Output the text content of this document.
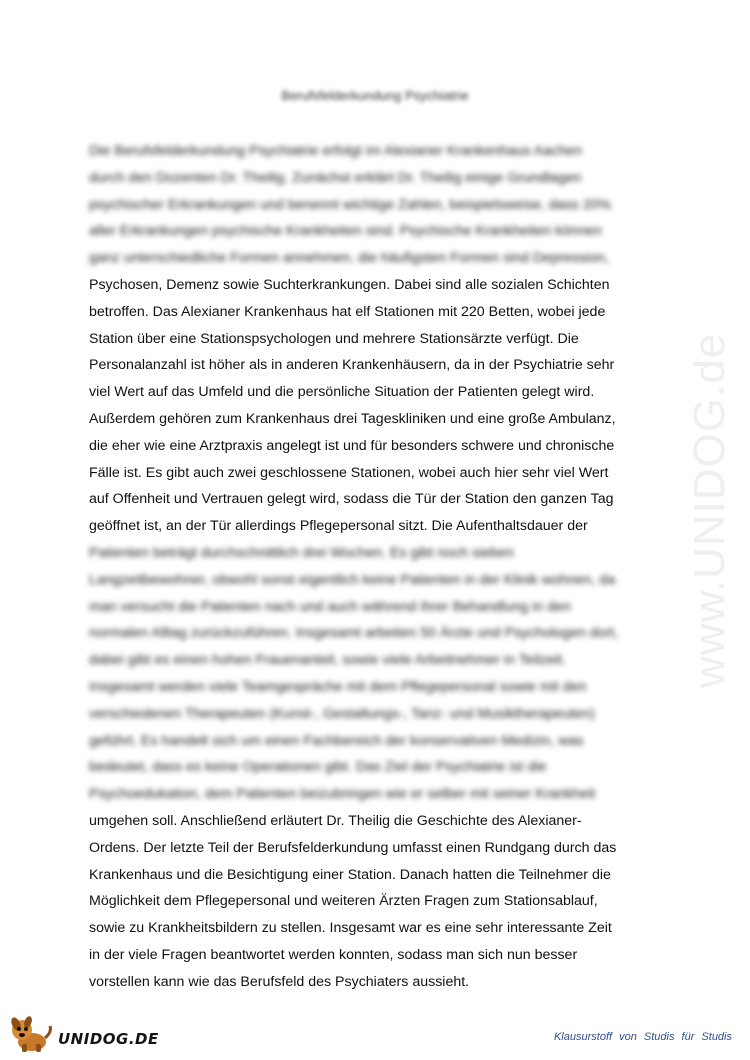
Berufsfelderkundung Psychiatrie
Die Berufsfelderkundung Psychiatrie erfolgt im Alexianer Krankenhaus Aachen
durch den Dozenten Dr. Theilig. Zunächst erklärt Dr. Theilig einige Grundlagen
psychischer Erkrankungen und benennt wichtige Zahlen, beispielsweise, dass 20%
aller Erkrankungen psychische Krankheiten sind. Psychische Krankheiten können
ganz unterschiedliche Formen annehmen, die häufigsten Formen sind Depression,
Psychosen, Demenz sowie Suchterkrankungen. Dabei sind alle sozialen Schichten
betroffen. Das Alexianer Krankenhaus hat elf Stationen mit 220 Betten, wobei jede
Station über eine Stationspsychologen und mehrere Stationsärzte verfügt. Die
Personalanzahl ist höher als in anderen Krankenhäusern, da in der Psychiatrie sehr
viel Wert auf das Umfeld und die persönliche Situation der Patienten gelegt wird.
Außerdem gehören zum Krankenhaus drei Tageskliniken und eine große Ambulanz,
die eher wie eine Arztpraxis angelegt ist und für besonders schwere und chronische
Fälle ist. Es gibt auch zwei geschlossene Stationen, wobei auch hier sehr viel Wert
auf Offenheit und Vertrauen gelegt wird, sodass die Tür der Station den ganzen Tag
geöffnet ist, an der Tür allerdings Pflegepersonal sitzt. Die Aufenthaltsdauer der
Patienten beträgt durchschnittlich drei Wochen. Es gibt noch sieben
Langzeitbewohner, obwohl sonst eigentlich keine Patienten in der Klinik wohnen, da
man versucht die Patienten nach und auch während ihrer Behandlung in den
normalen Alltag zurückzuführen. Insgesamt arbeiten 50 Ärzte und Psychologen dort,
dabei gibt es einen hohen Frauenanteil, sowie viele Arbeitnehmer in Teilzeit.
Insgesamt werden viele Teamgespräche mit dem Pflegepersonal sowie mit den
verschiedenen Therapeuten (Kunst-, Gestaltungs-, Tanz- und Musiktherapeuten)
geführt. Es handelt sich um einen Fachbereich der konservativen Medizin, was
bedeutet, dass es keine Operationen gibt. Das Ziel der Psychiatrie ist die
Psychoedukation, dem Patienten beizubringen wie er selber mit seiner Krankheit
umgehen soll. Anschließend erläutert Dr. Theilig die Geschichte des Alexianer-
Ordens. Der letzte Teil der Berufsfelderkundung umfasst einen Rundgang durch das
Krankenhaus und die Besichtigung einer Station. Danach hatten die Teilnehmer die
Möglichkeit dem Pflegepersonal und weiteren Ärzten Fragen zum Stationsablauf,
sowie zu Krankheitsbildern zu stellen. Insgesamt war es eine sehr interessante Zeit
in der viele Fragen beantwortet werden konnten, sodass man sich nun besser
vorstellen kann wie das Berufsfeld des Psychiaters aussieht.
www.UNIDOG.de
UNIDOG.DE	Klausurstoff von Studis für Studis
